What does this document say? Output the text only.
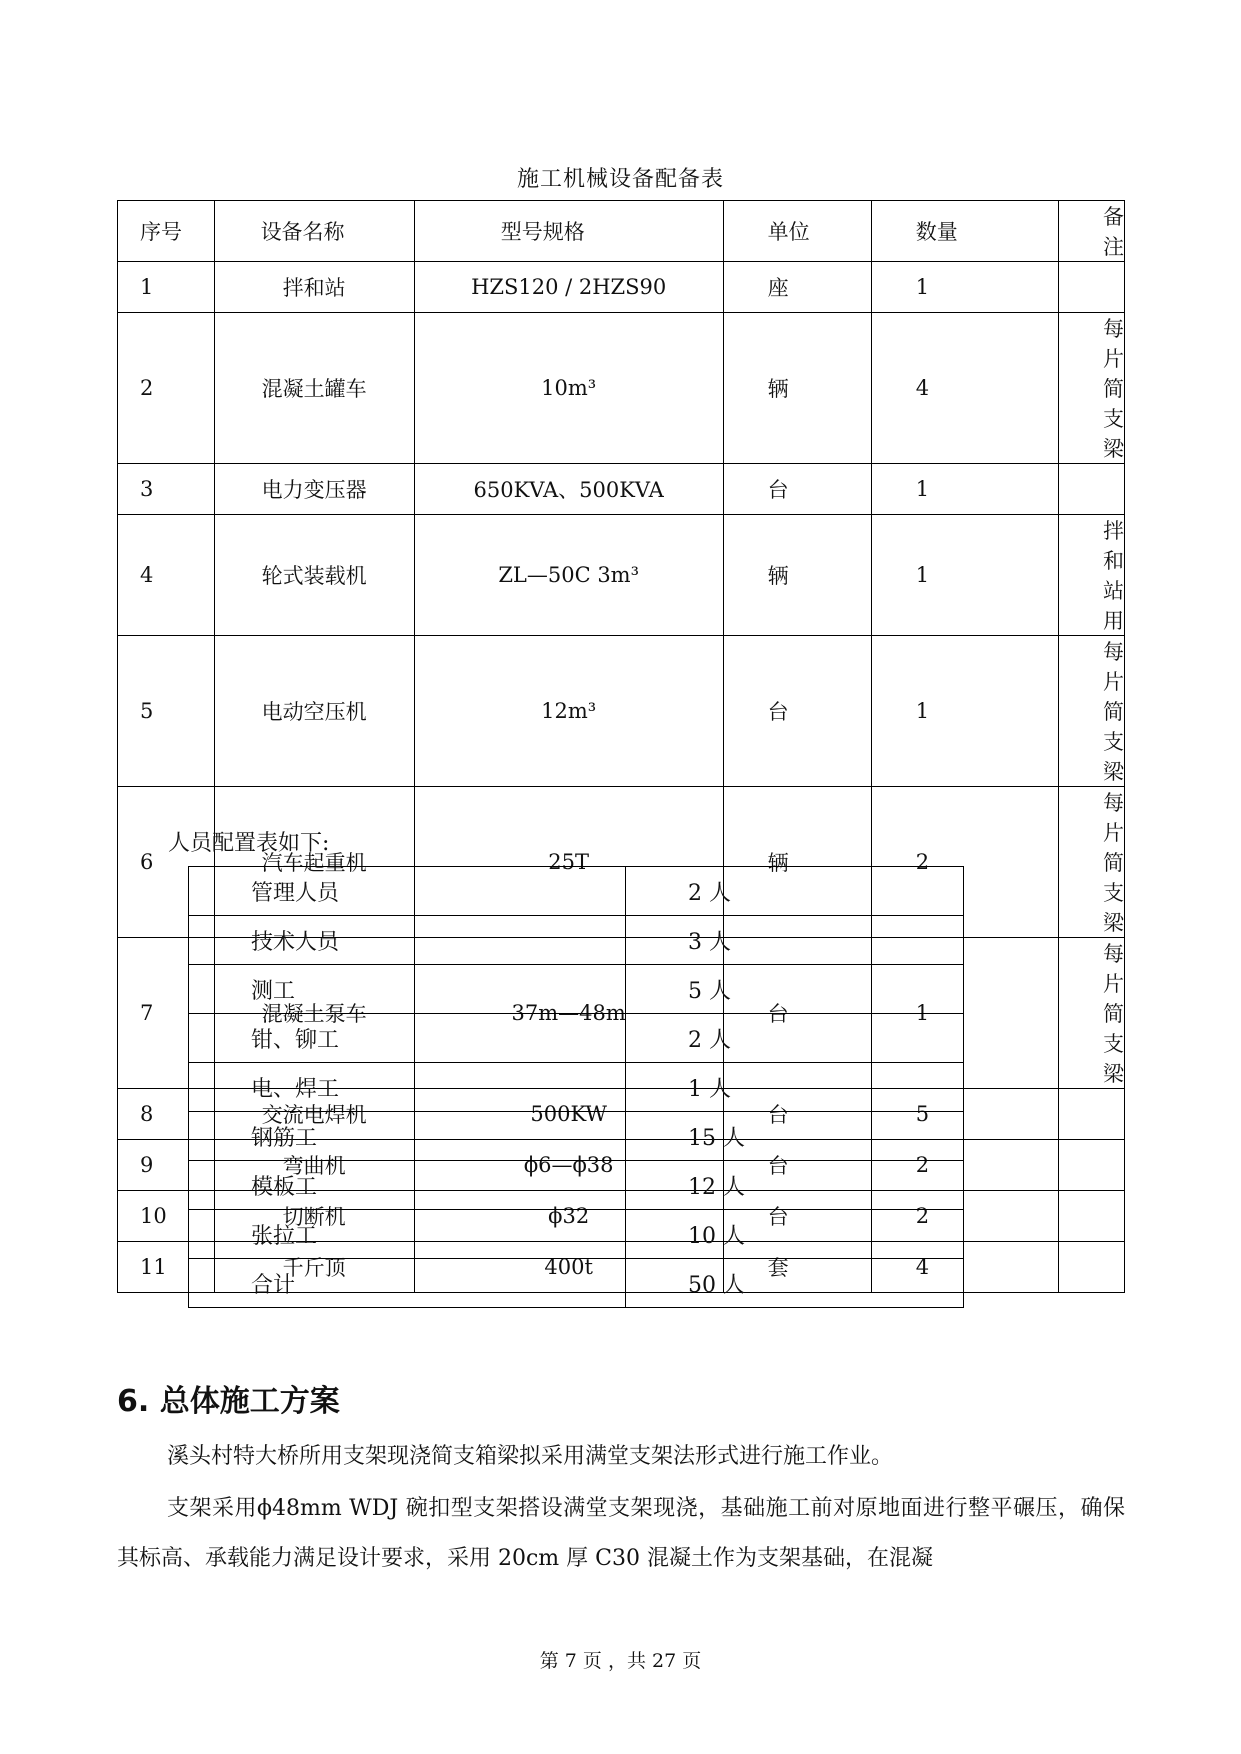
施工机械设备配备表
序号	设备名称	型号规格	单位	数量	备注
1	拌和站	HZS120 / 2HZS90	座	1	
2	混凝土罐车	10m³	辆	4	每片简支梁
3	电力变压器	650KVA、500KVA	台	1	
4	轮式装载机	ZL—50C 3m³	辆	1	拌和站用
5	电动空压机	12m³	台	1	每片简支梁
6	汽车起重机	25T	辆	2	每片简支梁
7	混凝土泵车	37m—48m	台	1	每片简支梁
8	交流电焊机	500KW	台	5	
9	弯曲机	ϕ6—ϕ38	台	2	
10	切断机	ϕ32	台	2	
11	千斤顶	400t	套	4	
人员配置表如下:
管理人员	2 人
技术人员	3 人
测工	5 人
钳、铆工	2 人
电、焊工	1 人
钢筋工	15 人
模板工	12 人
张拉工	10 人
合计	50 人
6. 总体施工方案
溪头村特大桥所用支架现浇简支箱梁拟采用满堂支架法形式进行施工作业。
支架采用ϕ48mm WDJ 碗扣型支架搭设满堂支架现浇，基础施工前对原地面进行整平碾压，确保其标高、承载能力满足设计要求，采用 20cm 厚 C30 混凝土作为支架基础，在混凝
第 7 页 ，共 27 页
